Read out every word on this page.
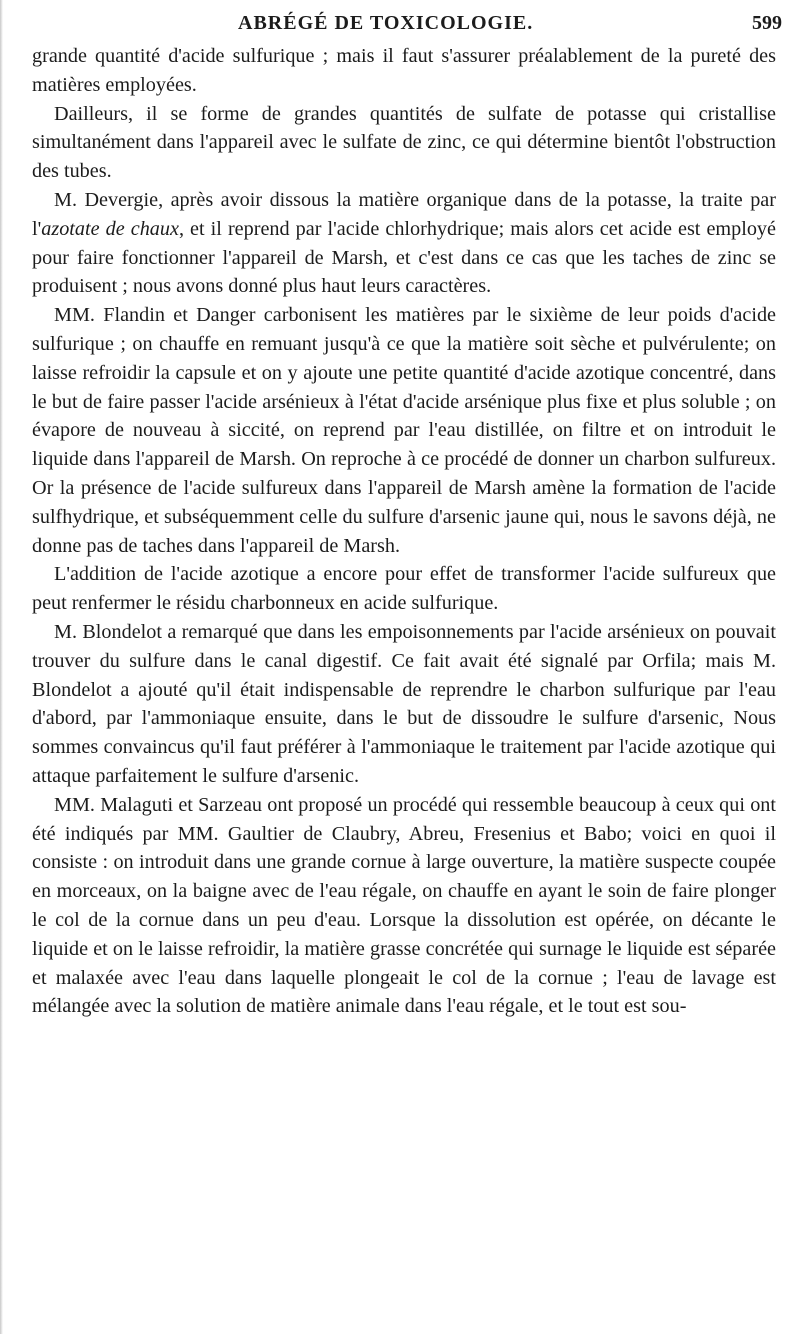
ABRÉGÉ DE TOXICOLOGIE.	599

grande quantité d'acide sulfurique ; mais il faut s'assurer préalablement de la pureté des matières employées.

Dailleurs, il se forme de grandes quantités de sulfate de potasse qui cristallise simultanément dans l'appareil avec le sulfate de zinc, ce qui détermine bientôt l'obstruction des tubes.

M. Devergie, après avoir dissous la matière organique dans de la potasse, la traite par l'azotate de chaux, et il reprend par l'acide chlorhydrique; mais alors cet acide est employé pour faire fonctionner l'appareil de Marsh, et c'est dans ce cas que les taches de zinc se produisent ; nous avons donné plus haut leurs caractères.

MM. Flandin et Danger carbonisent les matières par le sixième de leur poids d'acide sulfurique ; on chauffe en remuant jusqu'à ce que la matière soit sèche et pulvérulente; on laisse refroidir la capsule et on y ajoute une petite quantité d'acide azotique concentré, dans le but de faire passer l'acide arsénieux à l'état d'acide arsénique plus fixe et plus soluble ; on évapore de nouveau à siccité, on reprend par l'eau distillée, on filtre et on introduit le liquide dans l'appareil de Marsh. On reproche à ce procédé de donner un charbon sulfureux. Or la présence de l'acide sulfureux dans l'appareil de Marsh amène la formation de l'acide sulfhydrique, et subséquemment celle du sulfure d'arsenic jaune qui, nous le savons déjà, ne donne pas de taches dans l'appareil de Marsh.

L'addition de l'acide azotique a encore pour effet de transformer l'acide sulfureux que peut renfermer le résidu charbonneux en acide sulfurique.

M. Blondelot a remarqué que dans les empoisonnements par l'acide arsénieux on pouvait trouver du sulfure dans le canal digestif. Ce fait avait été signalé par Orfila; mais M. Blondelot a ajouté qu'il était indispensable de reprendre le charbon sulfurique par l'eau d'abord, par l'ammoniaque ensuite, dans le but de dissoudre le sulfure d'arsenic, Nous sommes convaincus qu'il faut préférer à l'ammoniaque le traitement par l'acide azotique qui attaque parfaitement le sulfure d'arsenic.

MM. Malaguti et Sarzeau ont proposé un procédé qui ressemble beaucoup à ceux qui ont été indiqués par MM. Gaultier de Claubry, Abreu, Fresenius et Babo; voici en quoi il consiste : on introduit dans une grande cornue à large ouverture, la matière suspecte coupée en morceaux, on la baigne avec de l'eau régale, on chauffe en ayant le soin de faire plonger le col de la cornue dans un peu d'eau. Lorsque la dissolution est opérée, on décante le liquide et on le laisse refroidir, la matière grasse concrétée qui surnage le liquide est séparée et malaxée avec l'eau dans laquelle plongeait le col de la cornue ; l'eau de lavage est mélangée avec la solution de matière animale dans l'eau régale, et le tout est sou-
